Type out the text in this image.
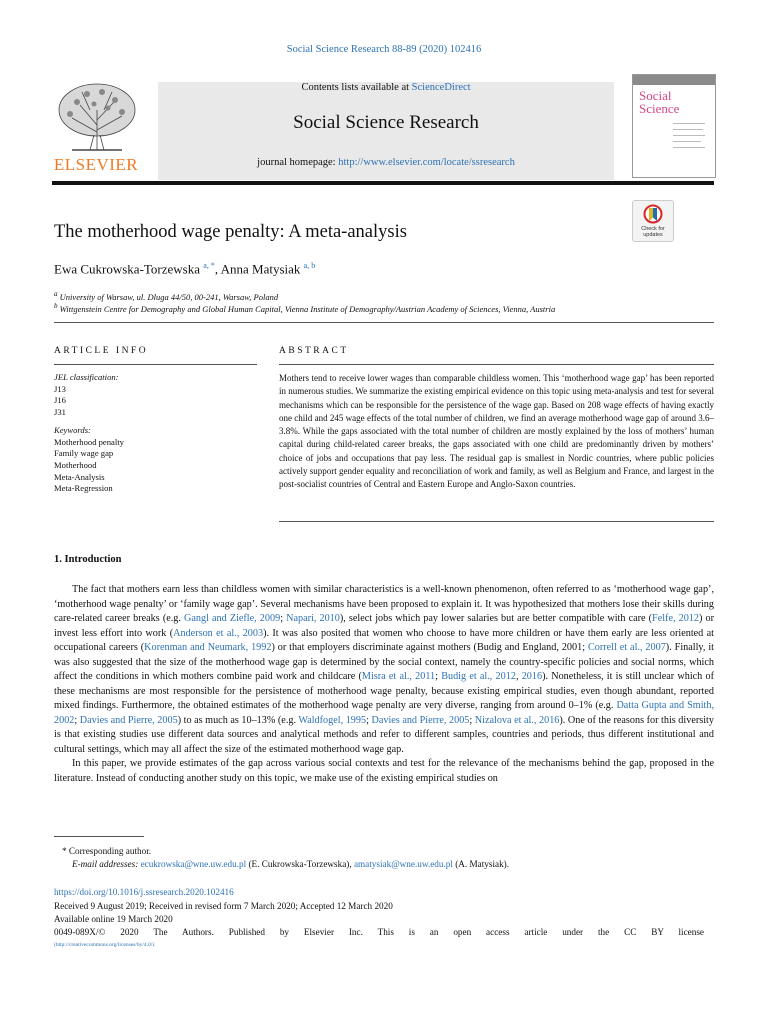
Social Science Research 88-89 (2020) 102416
Contents lists available at ScienceDirect
Social Science Research
journal homepage: http://www.elsevier.com/locate/ssresearch
ELSEVIER
Social Science
The motherhood wage penalty: A meta-analysis	Check for updates
Ewa Cukrowska-Torzewska $^{a, *}$, Anna Matysiak $^{a, b}$
$^a$ University of Warsaw, ul. Dluga 44/50, 00-241, Warsaw, Poland
$^b$ Wittgenstein Centre for Demography and Global Human Capital, Vienna Institute of Demography/Austrian Academy of Sciences, Vienna, Austria
ARTICLE INFO	ABSTRACT
JEL classification:
J13
J16
J31
Keywords:
Motherhood penalty
Family wage gap
Motherhood
Meta-Analysis
Meta-Regression
Mothers tend to receive lower wages than comparable childless women. This ‘motherhood wage gap’ has been reported in numerous studies. We summarize the existing empirical evidence on this topic using meta-analysis and test for several mechanisms which can be responsible for the persistence of the wage gap. Based on 208 wage effects of having exactly one child and 245 wage effects of the total number of children, we find an average motherhood wage gap of around 3.6–3.8%. While the gaps associated with the total number of children are mostly explained by the loss of mothers’ human capital during child-related career breaks, the gaps associated with one child are predominantly driven by mothers’ choice of jobs and occupations that pay less. The residual gap is smallest in Nordic countries, where public policies actively support gender equality and reconciliation of work and family, as well as Belgium and France, and largest in the post-socialist countries of Central and Eastern Europe and Anglo-Saxon countries.
1. Introduction

The fact that mothers earn less than childless women with similar characteristics is a well-known phenomenon, often referred to as ‘motherhood wage gap’, ‘motherhood wage penalty’ or ‘family wage gap’. Several mechanisms have been proposed to explain it. It was hypothesized that mothers lose their skills during care-related career breaks (e.g. Gangl and Ziefle, 2009; Napari, 2010), select jobs which pay lower salaries but are better compatible with care (Felfe, 2012) or invest less effort into work (Anderson et al., 2003). It was also posited that women who choose to have more children or have them early are less oriented at occupational careers (Korenman and Neumark, 1992) or that employers discriminate against mothers (Budig and England, 2001; Correll et al., 2007). Finally, it was also suggested that the size of the motherhood wage gap is determined by the social context, namely the country-specific policies and social norms, which affect the conditions in which mothers combine paid work and childcare (Misra et al., 2011; Budig et al., 2012, 2016). Nonetheless, it is still unclear which of these mechanisms are most responsible for the persistence of motherhood wage penalty, because existing empirical studies, even though abundant, reported mixed findings. Furthermore, the obtained estimates of the motherhood wage penalty are very diverse, ranging from around 0–1% (e.g. Datta Gupta and Smith, 2002; Davies and Pierre, 2005) to as much as 10–13% (e.g. Waldfogel, 1995; Davies and Pierre, 2005; Nizalova et al., 2016). One of the reasons for this diversity is that existing studies use different data sources and analytical methods and refer to different samples, countries and periods, thus different institutional and cultural settings, which may all affect the size of the estimated motherhood wage gap.

In this paper, we provide estimates of the gap across various social contexts and test for the relevance of the mechanisms behind the gap, proposed in the literature. Instead of conducting another study on this topic, we make use of the existing empirical studies on

* Corresponding author.
E-mail addresses: ecukrowska@wne.uw.edu.pl (E. Cukrowska-Torzewska), amatysiak@wne.uw.edu.pl (A. Matysiak).
https://doi.org/10.1016/j.ssresearch.2020.102416
Received 9 August 2019; Received in revised form 7 March 2020; Accepted 12 March 2020
Available online 19 March 2020
0049-089X/© 2020 The Authors. Published by Elsevier Inc. This is an open access article under the CC BY license
(http://creativecommons.org/licenses/by/4.0/).
